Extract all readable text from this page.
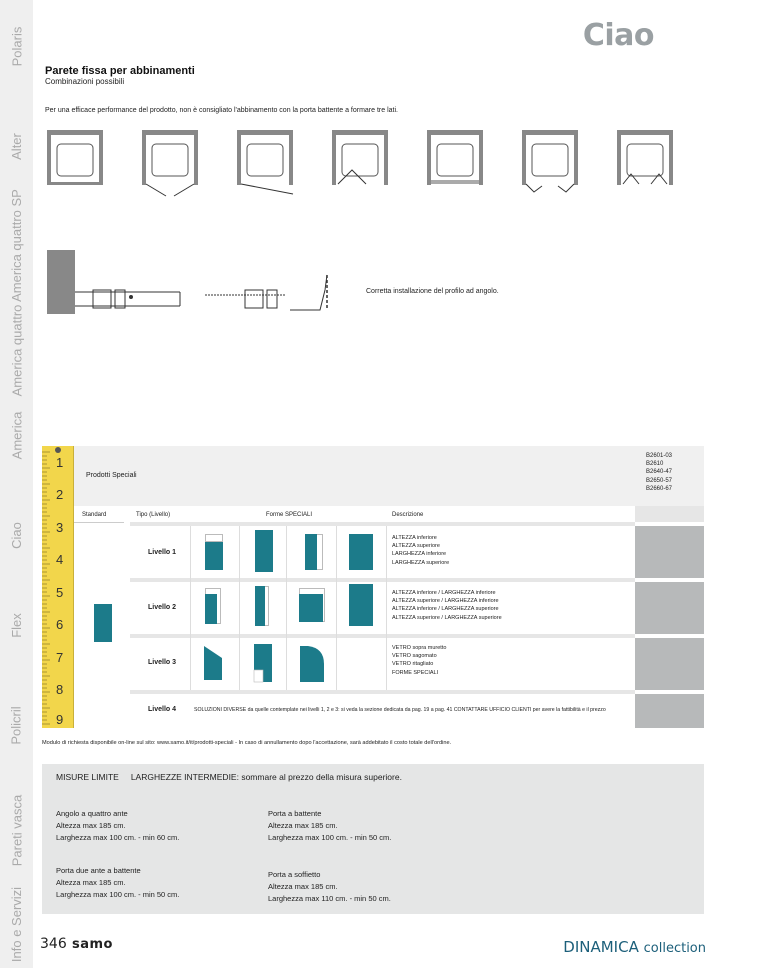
Polaris
Alter
America quattro SP
America quattro
America
Ciao
Flex
Policril
Pareti vasca
Info e Servizi
Ciao
Parete fissa per abbinamenti
Combinazioni possibili
Per una efficace performance del prodotto, non è consigliato l'abbinamento con la porta battente a formare tre lati.
Corretta installazione del profilo ad angolo.
1
2
3
4
5
6
7
8
9
Prodotti Speciali
B2601-03
B2610
B2640-47
B2650-57
B2660-67
Standard	Tipo (Livello)	Forme SPECIALI	Descrizione
Livello 1
ALTEZZA inferiore
ALTEZZA superiore
LARGHEZZA inferiore
LARGHEZZA superiore
Livello 2
ALTEZZA inferiore / LARGHEZZA inferiore
ALTEZZA superiore / LARGHEZZA inferiore
ALTEZZA inferiore / LARGHEZZA superiore
ALTEZZA superiore / LARGHEZZA superiore
Livello 3
VETRO sopra muretto
VETRO sagomato
VETRO ritagliato
FORME SPECIALI
Livello 4	SOLUZIONI DIVERSE da quelle contemplate nei livelli 1, 2 e 3: si veda la sezione dedicata da pag. 19 a pag. 41 CONTATTARE UFFICIO CLIENTI per avere la fattibilità e il prezzo
Modulo di richiesta disponibile on-line sul sito: www.samo.it/it/prodotti-speciali - In caso di annullamento dopo l'accettazione, sarà addebitato il costo totale dell'ordine.
MISURE LIMITE LARGHEZZE INTERMEDIE: sommare al prezzo della misura superiore.
Angolo a quattro ante
Altezza max 185 cm.
Larghezza max 100 cm. - min 60 cm.
Porta a battente
Altezza max 185 cm.
Larghezza max 100 cm. - min 50 cm.
Porta due ante a battente
Altezza max 185 cm.
Larghezza max 100 cm. - min 50 cm.
Porta a soffietto
Altezza max 185 cm.
Larghezza max 110 cm. - min 50 cm.
346 samo	DINAMICA collection
